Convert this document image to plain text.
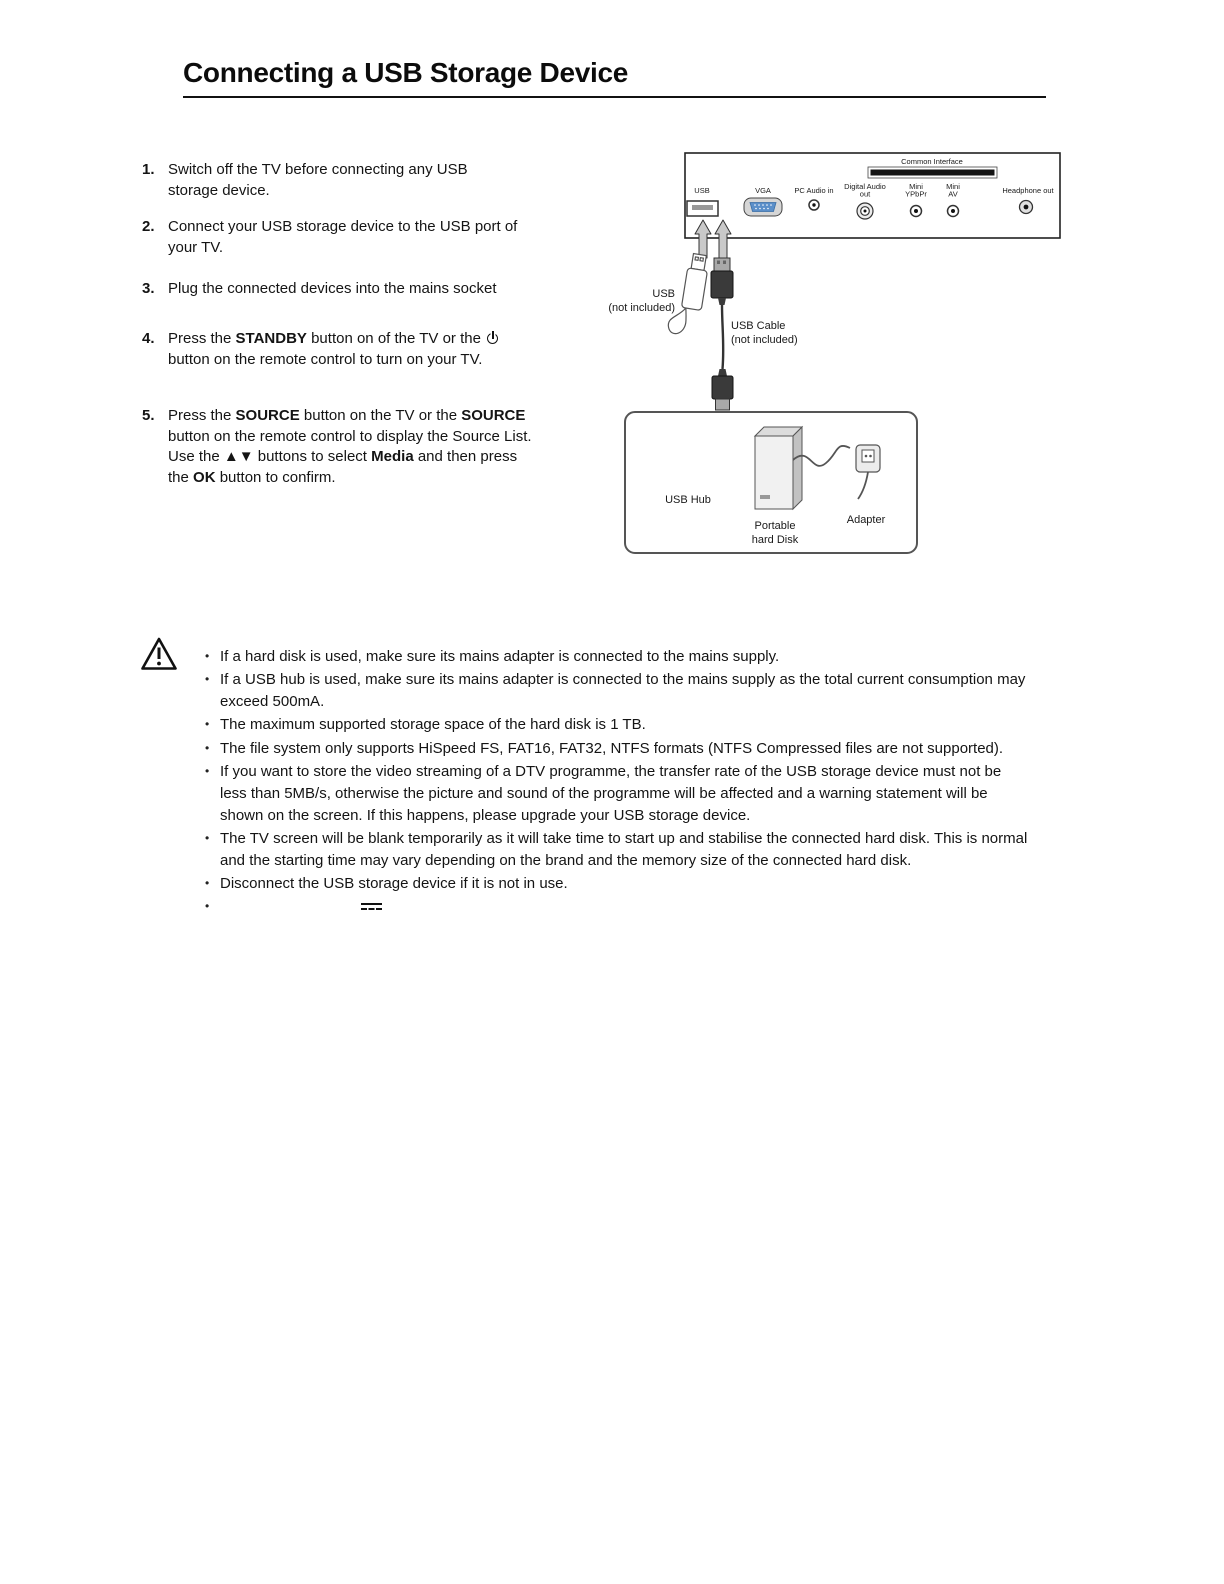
Connecting a USB Storage Device
1. Switch off the TV before connecting any USB storage device.
2. Connect your USB storage device to the USB port of your TV.
3. Plug the connected devices into the mains socket
4. Press the STANDBY button on of the TV or the  button on the remote control to turn on your TV.
5. Press the SOURCE button on the TV or the SOURCE button on the remote control to display the Source List. Use the ▲▼ buttons to select Media and then press the OK button to confirm.
Common Interface
USB	VGA	PC Audio in Digital Audio
out
Mini
YPbPr
Mini
AV	Headphone out
USB
(not included)
USB Cable
(not included)
USB Hub
Portable
hard Disk
Adapter
• If a hard disk is used, make sure its mains adapter is connected to the mains supply.
• If a USB hub is used, make sure its mains adapter is connected to the mains supply as the total current consumption may exceed 500mA.
• The maximum supported storage space of the hard disk is 1 TB.
• The file system only supports HiSpeed FS, FAT16, FAT32, NTFS formats (NTFS Compressed files are not supported).
• If you want to store the video streaming of a DTV programme, the transfer rate of the USB storage device must not be less than 5MB/s, otherwise the picture and sound of the programme will be affected and a warning statement will be shown on the screen. If this happens, please upgrade your USB storage device.
• The TV screen will be blank temporarily as it will take time to start up and stabilise the connected hard disk. This is normal and the starting time may vary depending on the brand and the memory size of the connected hard disk.
• Disconnect the USB storage device if it is not in use.
•
